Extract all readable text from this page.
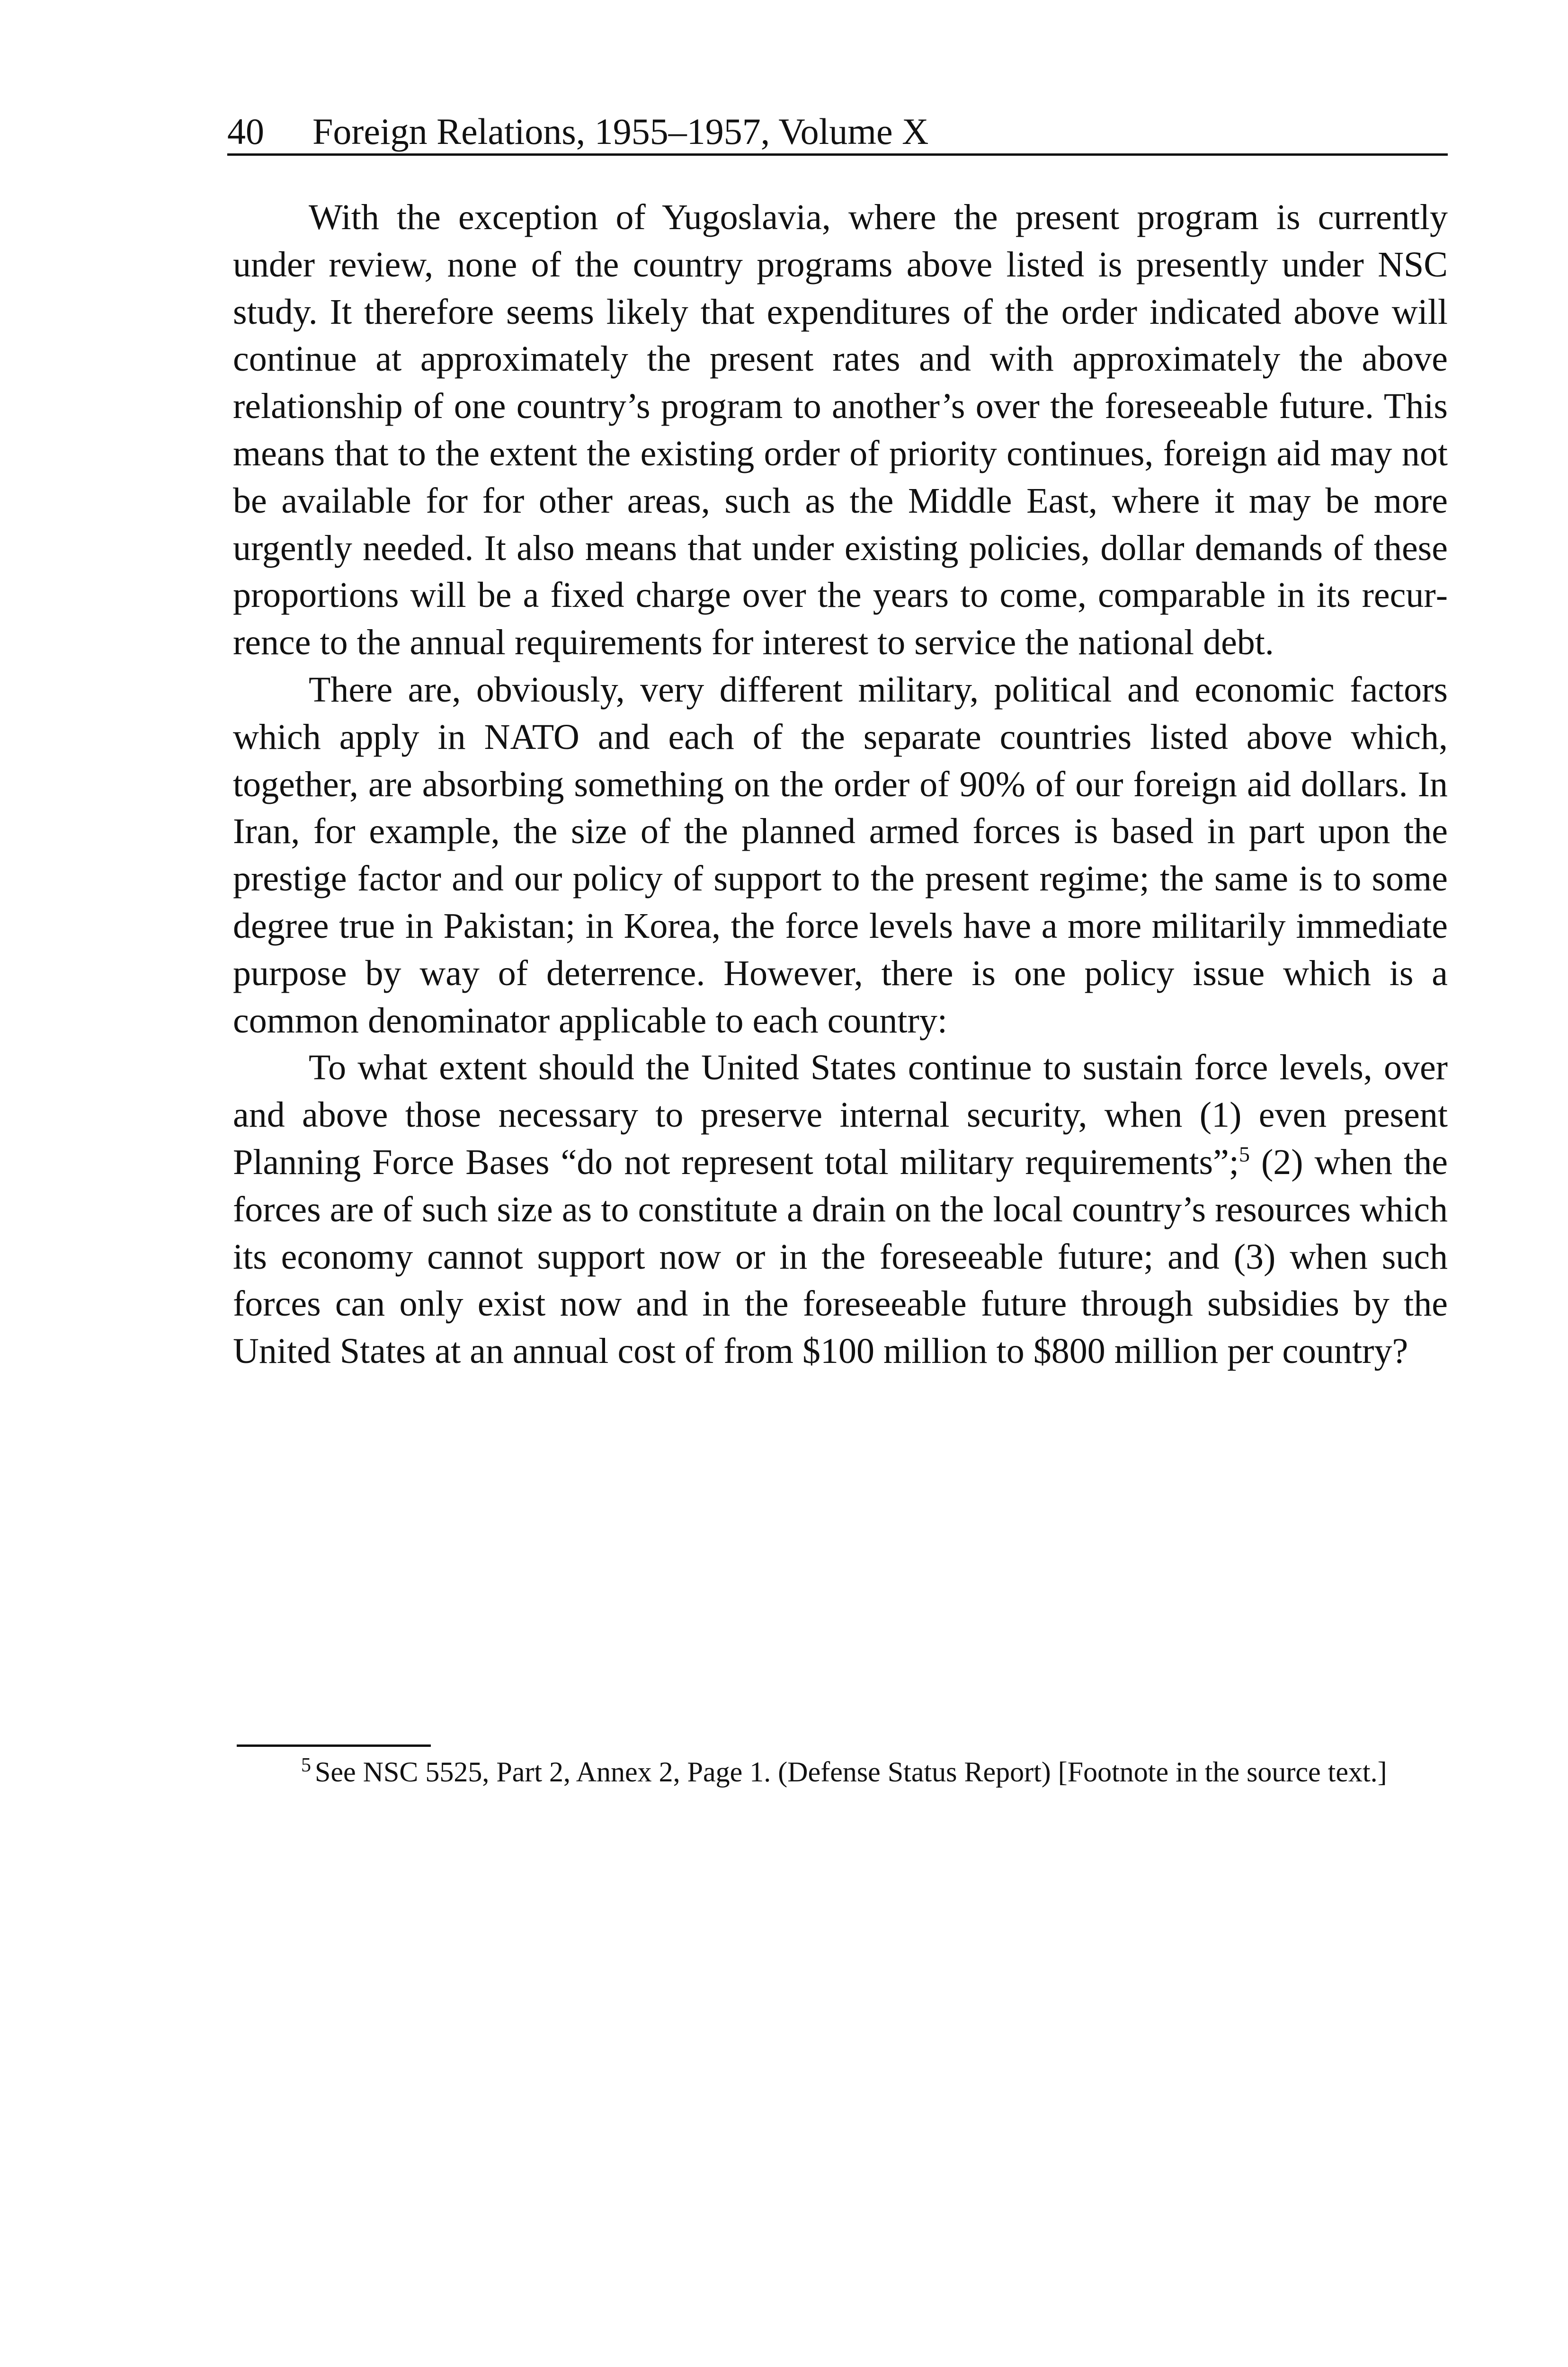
40 Foreign Relations, 1955–1957, Volume X

With the exception of Yugoslavia, where the present program is currently under review, none of the country programs above listed is presently under NSC study. It therefore seems likely that expenditures of the order indicated above will continue at approximately the present rates and with approximately the above relationship of one country’s program to another’s over the foreseeable future. This means that to the extent the existing order of priority continues, foreign aid may not be available for for other areas, such as the Middle East, where it may be more urgently needed. It also means that under existing policies, dollar demands of these proportions will be a fixed charge over the years to come, comparable in its recurrence to the annual requirements for interest to service the national debt.

There are, obviously, very different military, political and economic factors which apply in NATO and each of the separate countries listed above which, together, are absorbing something on the order of 90% of our foreign aid dollars. In Iran, for example, the size of the planned armed forces is based in part upon the prestige factor and our policy of support to the present regime; the same is to some degree true in Pakistan; in Korea, the force levels have a more militarily immediate purpose by way of deterrence. However, there is one policy issue which is a common denominator applicable to each country:

To what extent should the United States continue to sustain force levels, over and above those necessary to preserve internal security, when (1) even present Planning Force Bases “do not represent total military requirements”;$^5$ (2) when the forces are of such size as to constitute a drain on the local country’s resources which its economy cannot support now or in the foreseeable future; and (3) when such forces can only exist now and in the foreseeable future through subsidies by the United States at an annual cost of from $100 million to $800 million per country?

$^5$ See NSC 5525, Part 2, Annex 2, Page 1. (Defense Status Report) [Footnote in the source text.]
